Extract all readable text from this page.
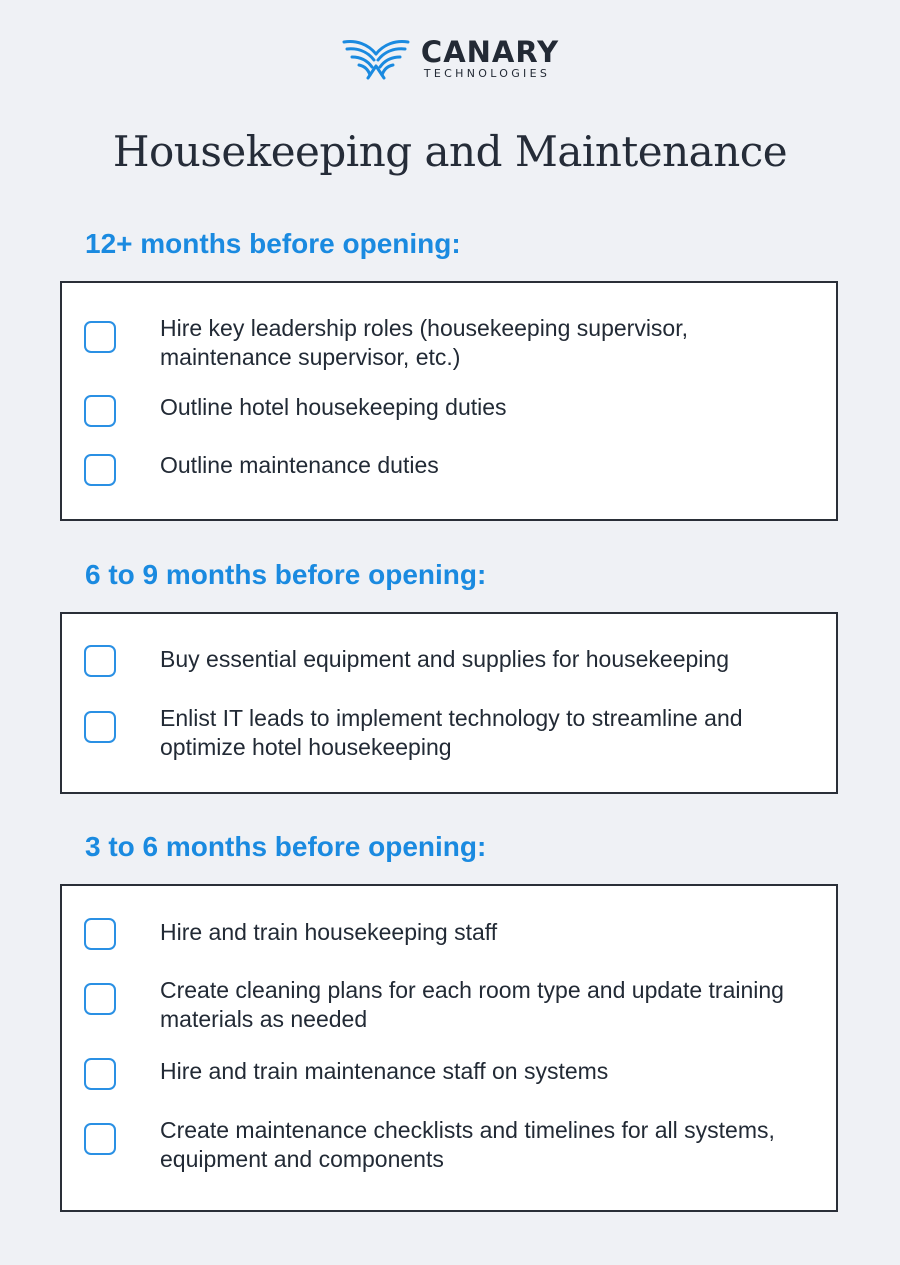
CANARY
TECHNOLOGIES
Housekeeping and Maintenance
12+ months before opening:
Hire key leadership roles (housekeeping supervisor, maintenance supervisor, etc.)
Outline hotel housekeeping duties
Outline maintenance duties
6 to 9 months before opening:
Buy essential equipment and supplies for housekeeping
Enlist IT leads to implement technology to streamline and optimize hotel housekeeping
3 to 6 months before opening:
Hire and train housekeeping staff
Create cleaning plans for each room type and update training materials as needed
Hire and train maintenance staff on systems
Create maintenance checklists and timelines for all systems, equipment and components
